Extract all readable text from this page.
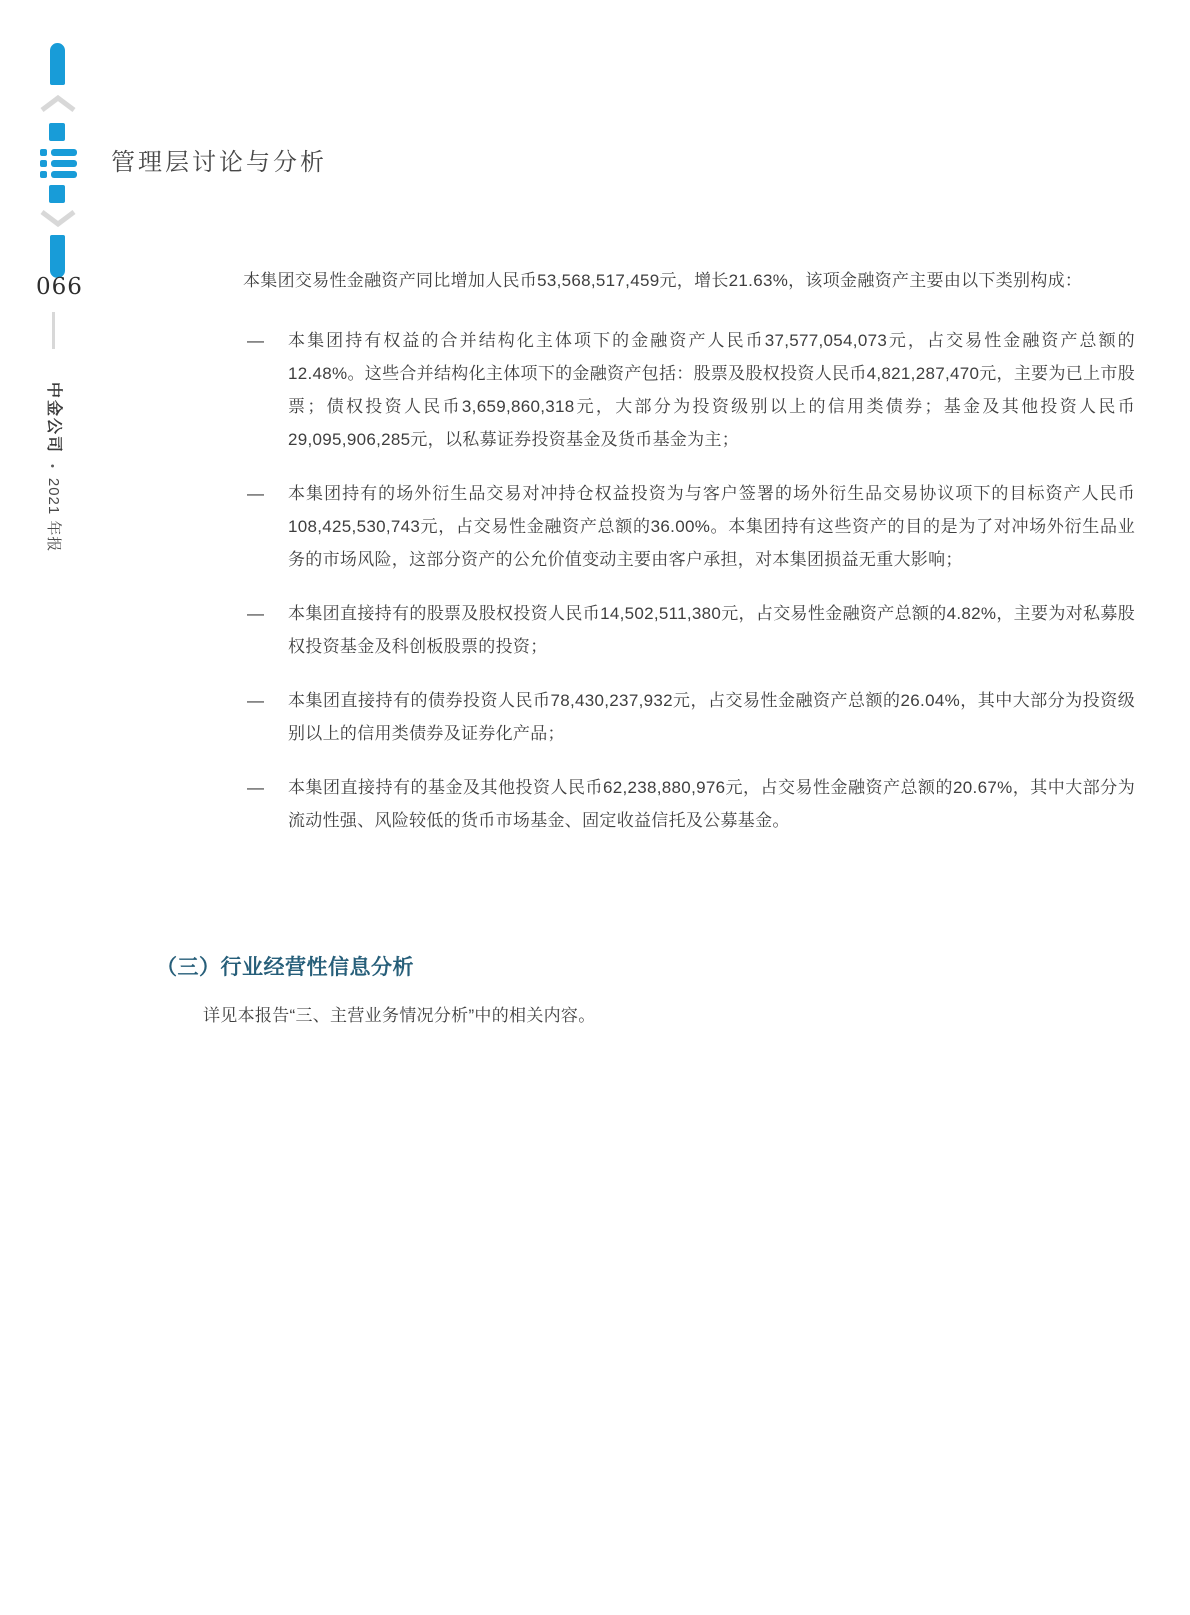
066
中金公司•2021 年报
管理层讨论与分析

本集团交易性金融资产同比增加人民币53,568,517,459元，增长21.63%，该项金融资产主要由以下类别构成：

—	本集团持有权益的合并结构化主体项下的金融资产人民币37,577,054,073元，占交易性金融资产总额的12.48%。这些合并结构化主体项下的金融资产包括：股票及股权投资人民币4,821,287,470元，主要为已上市股票；债权投资人民币3,659,860,318元，大部分为投资级别以上的信用类债券；基金及其他投资人民币29,095,906,285元，以私募证券投资基金及货币基金为主；
—	本集团持有的场外衍生品交易对冲持仓权益投资为与客户签署的场外衍生品交易协议项下的目标资产人民币108,425,530,743元，占交易性金融资产总额的36.00%。本集团持有这些资产的目的是为了对冲场外衍生品业务的市场风险，这部分资产的公允价值变动主要由客户承担，对本集团损益无重大影响；
—	本集团直接持有的股票及股权投资人民币14,502,511,380元，占交易性金融资产总额的4.82%，主要为对私募股权投资基金及科创板股票的投资；
—	本集团直接持有的债券投资人民币78,430,237,932元，占交易性金融资产总额的26.04%，其中大部分为投资级别以上的信用类债券及证券化产品；
—	本集团直接持有的基金及其他投资人民币62,238,880,976元，占交易性金融资产总额的20.67%，其中大部分为流动性强、风险较低的货币市场基金、固定收益信托及公募基金。
（三）行业经营性信息分析
详见本报告“三、主营业务情况分析”中的相关内容。
